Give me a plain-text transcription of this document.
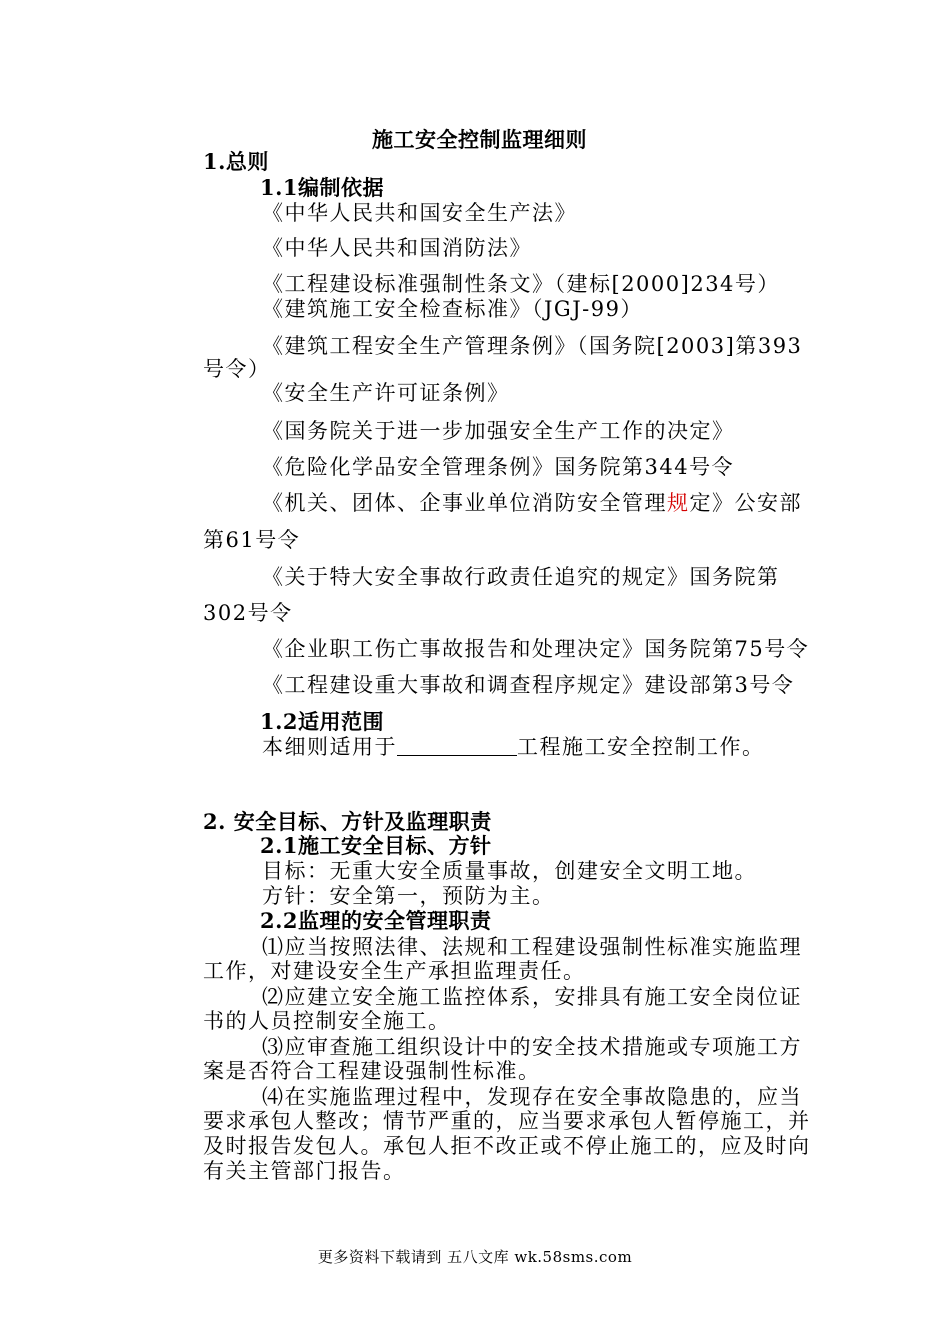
施工安全控制监理细则
1.总则
1.1编制依据
《中华人民共和国安全生产法》
《中华人民共和国消防法》
《工程建设标准强制性条文》（建标[2000]234号）
《建筑施工安全检查标准》（JGJ-99）
《建筑工程安全生产管理条例》（国务院[2003]第393
号令）
《安全生产许可证条例》
《国务院关于进一步加强安全生产工作的决定》
《危险化学品安全管理条例》国务院第344号令
《机关、团体、企事业单位消防安全管理规定》公安部
第61号令
《关于特大安全事故行政责任追究的规定》国务院第
302号令
《企业职工伤亡事故报告和处理决定》国务院第75号令
《工程建设重大事故和调查程序规定》建设部第3号令
1.2适用范围
本细则适用于	工程施工安全控制工作。
2. 安全目标、方针及监理职责
2.1施工安全目标、方针
目标：无重大安全质量事故，创建安全文明工地。
方针：安全第一，预防为主。
2.2监理的安全管理职责
⑴应当按照法律、法规和工程建设强制性标准实施监理
工作，对建设安全生产承担监理责任。
⑵应建立安全施工监控体系，安排具有施工安全岗位证
书的人员控制安全施工。
⑶应审查施工组织设计中的安全技术措施或专项施工方
案是否符合工程建设强制性标准。
⑷在实施监理过程中，发现存在安全事故隐患的，应当
要求承包人整改；情节严重的，应当要求承包人暂停施工，并
及时报告发包人。承包人拒不改正或不停止施工的，应及时向
有关主管部门报告。
更多资料下载请到 五八文库 wk.58sms.com
